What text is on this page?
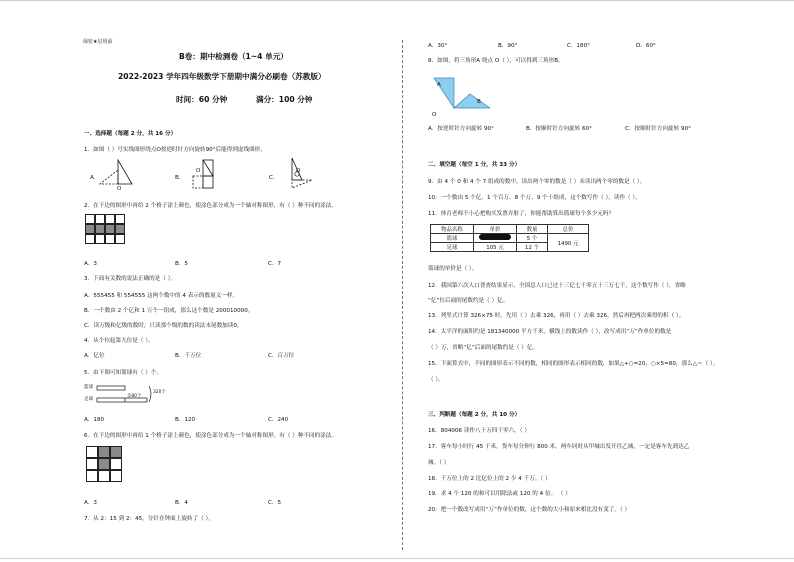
保密★启用前
B卷：期中检测卷（1~4 单元）
2022-2023 学年四年级数学下册期中满分必刷卷（苏教版）
时间：60 分钟	满分：100 分钟
一、选择题（每题 2 分，共 16 分）
1．如图（ ）号实线图形绕点O按逆时针方向旋转90°后能得到虚线图形。
A.
O
B.
O
C.
O
2．在下边的图形中再给 2 个格子涂上颜色，使涂色部分成为一个轴对称图形，有（ ）种不同的涂法。
A．3	B．5	C．7
3．下面有关数的说法正确的是（ ）。
A．555455 和 554555 这两个数中的 4 表示的数量义一样。
B．一个数由 2 个亿和 1 万个一组成，那么这个数是 200010000。
C．读万级和亿级的数时，只读那个级的数的读法末尾数加读0。
4．从个位起第九位是（ ）。
A．亿位	B．千万位	C．百万位
5．由下图可知篮球有（ ）个。
篮球
足球
多80个
320个
A．180	B．120	C．240
6．在下边的图形中再给 1 个格子涂上颜色，使涂色部分成为一个轴对称图形。有（ ）种不同的涂法。
A．3	B．4	C．5
7．从 2：15 到 2：45，分针在钟面上旋转了（ ）。
A．30°	B．90°	C．180°	D．60°
8．如图，将三角形A 绕点 O（ ），可以得到三角形B。
A
B
O
A．按逆时针方向旋转 90°	B．按顺时针方向旋转 60°	C．按顺时针方向旋转 90°
二、填空题（每空 1 分，共 33 分）
9．由 4 个 0 和 4 个 7 组成的数中，读出两个零的数是（ ）未读出两个零的数是（ ）。
10．一个数由 5 个亿、1 个百万、8 个万、9 个十组成，这个数写作（ ），读作（ ）。
11．体育老师不小心把购买发票弄脏了，你能帮助算出篮球每个多少元吗？
物品名称	单价	数量	总价
篮球		5 个	1490 元
足球	105 元	12 个	
篮球的单价是（ ）。
12．我国第六次人口普查结果显示，全国总人口已过十三亿七千零五十三万七千，这个数写作（ ），省略
“亿”位后面的尾数约是（ ）亿。
13．列竖式计算 326×75 时，先用（ ）去乘 326，再用（ ）去乘 326，然后再把两次乘得的积（ ）。
14．太平洋的面积约是 181340000 平方千米，横线上的数读作（ ），改写成用“万”作单位的数是
（ ）万，省略“亿”后面的尾数约是（ ）亿。
15．下面算式中，不同的图形表示不同的数，相同的图形表示相同的数，如果△+○=20，○×5=80，那么△＝（ ）。
（ ）。
三、判断题（每题 2 分，共 10 分）
16．804006 读作八十万四千零六。（ ）
17．客车每小时行 45 千米，货车每分钟行 800 米，两车同时从甲城出发开往乙城，一定是客车先到达乙
城。（ ）
18．千万位上的 2 比亿位上的 2 少 4 千万。（ ）
19．求 4 个 120 的和可以用除法或 120 的 4 倍。 （ ）
20．把一个数改写成用“万”作单位的数，这个数的大小和原来相比没有变了。（ ）
